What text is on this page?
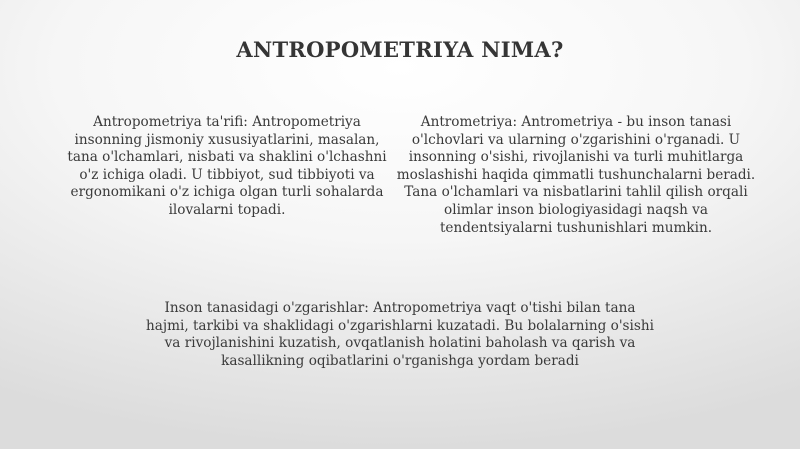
ANTROPOMETRIYA NIMA?

Antropometriya ta'rifi: Antropometriya insonning jismoniy xususiyatlarini, masalan, tana o'lchamlari, nisbati va shaklini o'lchashni o'z ichiga oladi. U tibbiyot, sud tibbiyoti va ergonomikani o'z ichiga olgan turli sohalarda ilovalarni topadi.

Antrometriya: Antrometriya - bu inson tanasi o'lchovlari va ularning o'zgarishini o'rganadi. U insonning o'sishi, rivojlanishi va turli muhitlarga moslashishi haqida qimmatli tushunchalarni beradi. Tana o'lchamlari va nisbatlarini tahlil qilish orqali olimlar inson biologiyasidagi naqsh va tendentsiyalarni tushunishlari mumkin.

Inson tanasidagi o'zgarishlar: Antropometriya vaqt o'tishi bilan tana hajmi, tarkibi va shaklidagi o'zgarishlarni kuzatadi. Bu bolalarning o'sishi va rivojlanishini kuzatish, ovqatlanish holatini baholash va qarish va kasallikning oqibatlarini o'rganishga yordam beradi
